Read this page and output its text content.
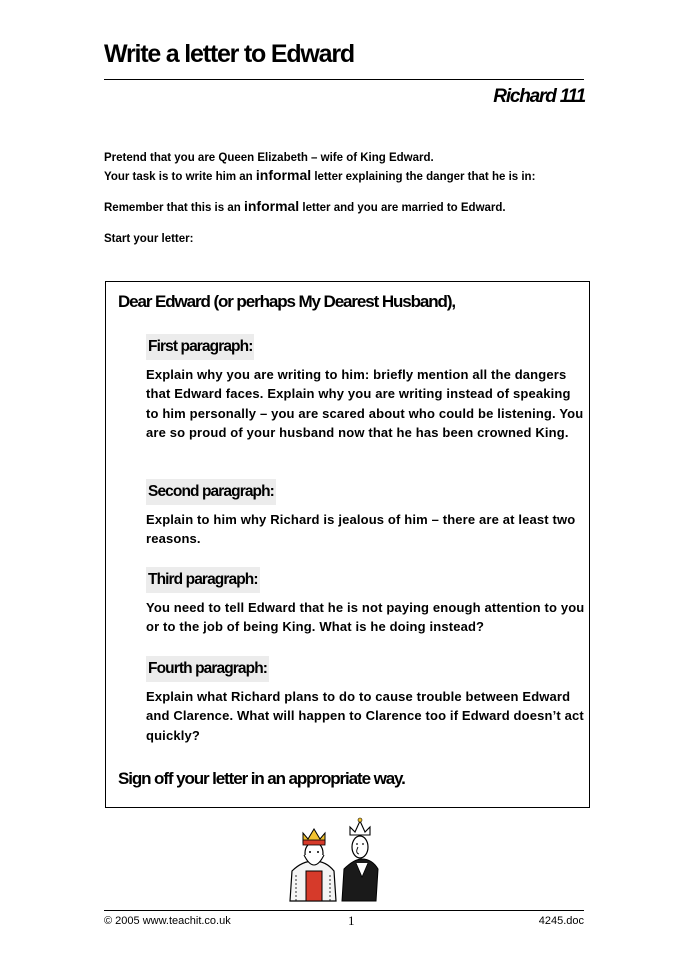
Write a letter to Edward
Richard 111
Pretend that you are Queen Elizabeth – wife of King Edward.
Your task is to write him an informal letter explaining the danger that he is in:
Remember that this is an informal letter and you are married to Edward.
Start your letter:
Dear Edward (or perhaps My Dearest Husband),
First paragraph:
Explain why you are writing to him: briefly mention all the dangers that Edward faces. Explain why you are writing instead of speaking to him personally – you are scared about who could be listening. You are so proud of your husband now that he has been crowned King.
Second paragraph:
Explain to him why Richard is jealous of him – there are at least two reasons.
Third paragraph:
You need to tell Edward that he is not paying enough attention to you or to the job of being King. What is he doing instead?
Fourth paragraph:
Explain what Richard plans to do to cause trouble between Edward and Clarence. What will happen to Clarence too if Edward doesn’t act quickly?
Sign off your letter in an appropriate way.
© 2005 www.teachit.co.uk	1	4245.doc
